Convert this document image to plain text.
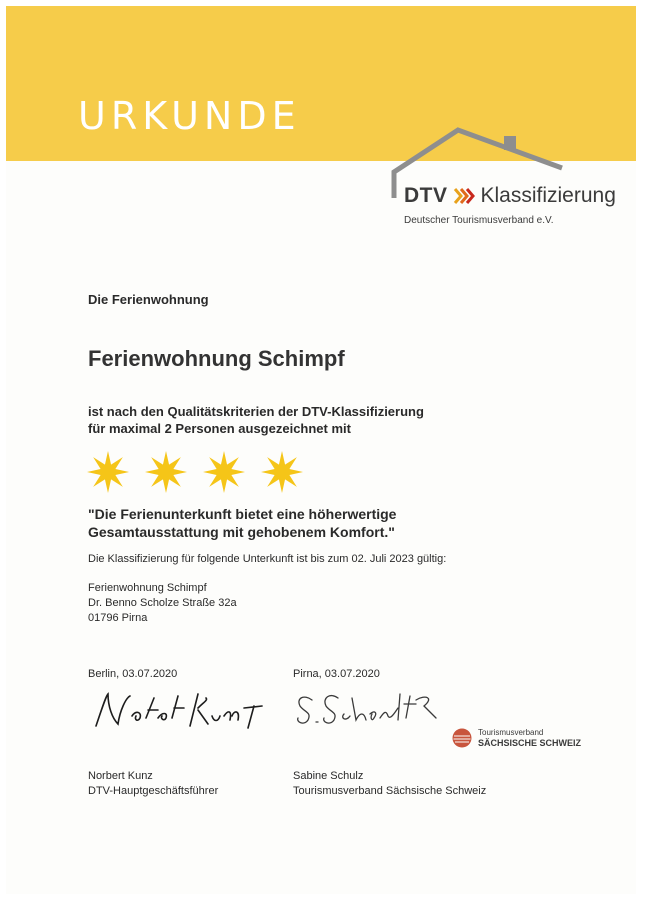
URKUNDE
DTV Klassifizierung
Deutscher Tourismusverband e.V.
Die Ferienwohnung
Ferienwohnung Schimpf
ist nach den Qualitätskriterien der DTV-Klassifizierung
für maximal 2 Personen ausgezeichnet mit
"Die Ferienunterkunft bietet eine höherwertige
Gesamtausstattung mit gehobenem Komfort."
Die Klassifizierung für folgende Unterkunft ist bis zum 02. Juli 2023 gültig:
Ferienwohnung Schimpf
Dr. Benno Scholze Straße 32a
01796 Pirna
Berlin, 03.07.2020	Pirna, 03.07.2020
Tourismusverband
SÄCHSISCHE SCHWEIZ
Norbert Kunz
DTV-Hauptgeschäftsführer
Sabine Schulz
Tourismusverband Sächsische Schweiz
